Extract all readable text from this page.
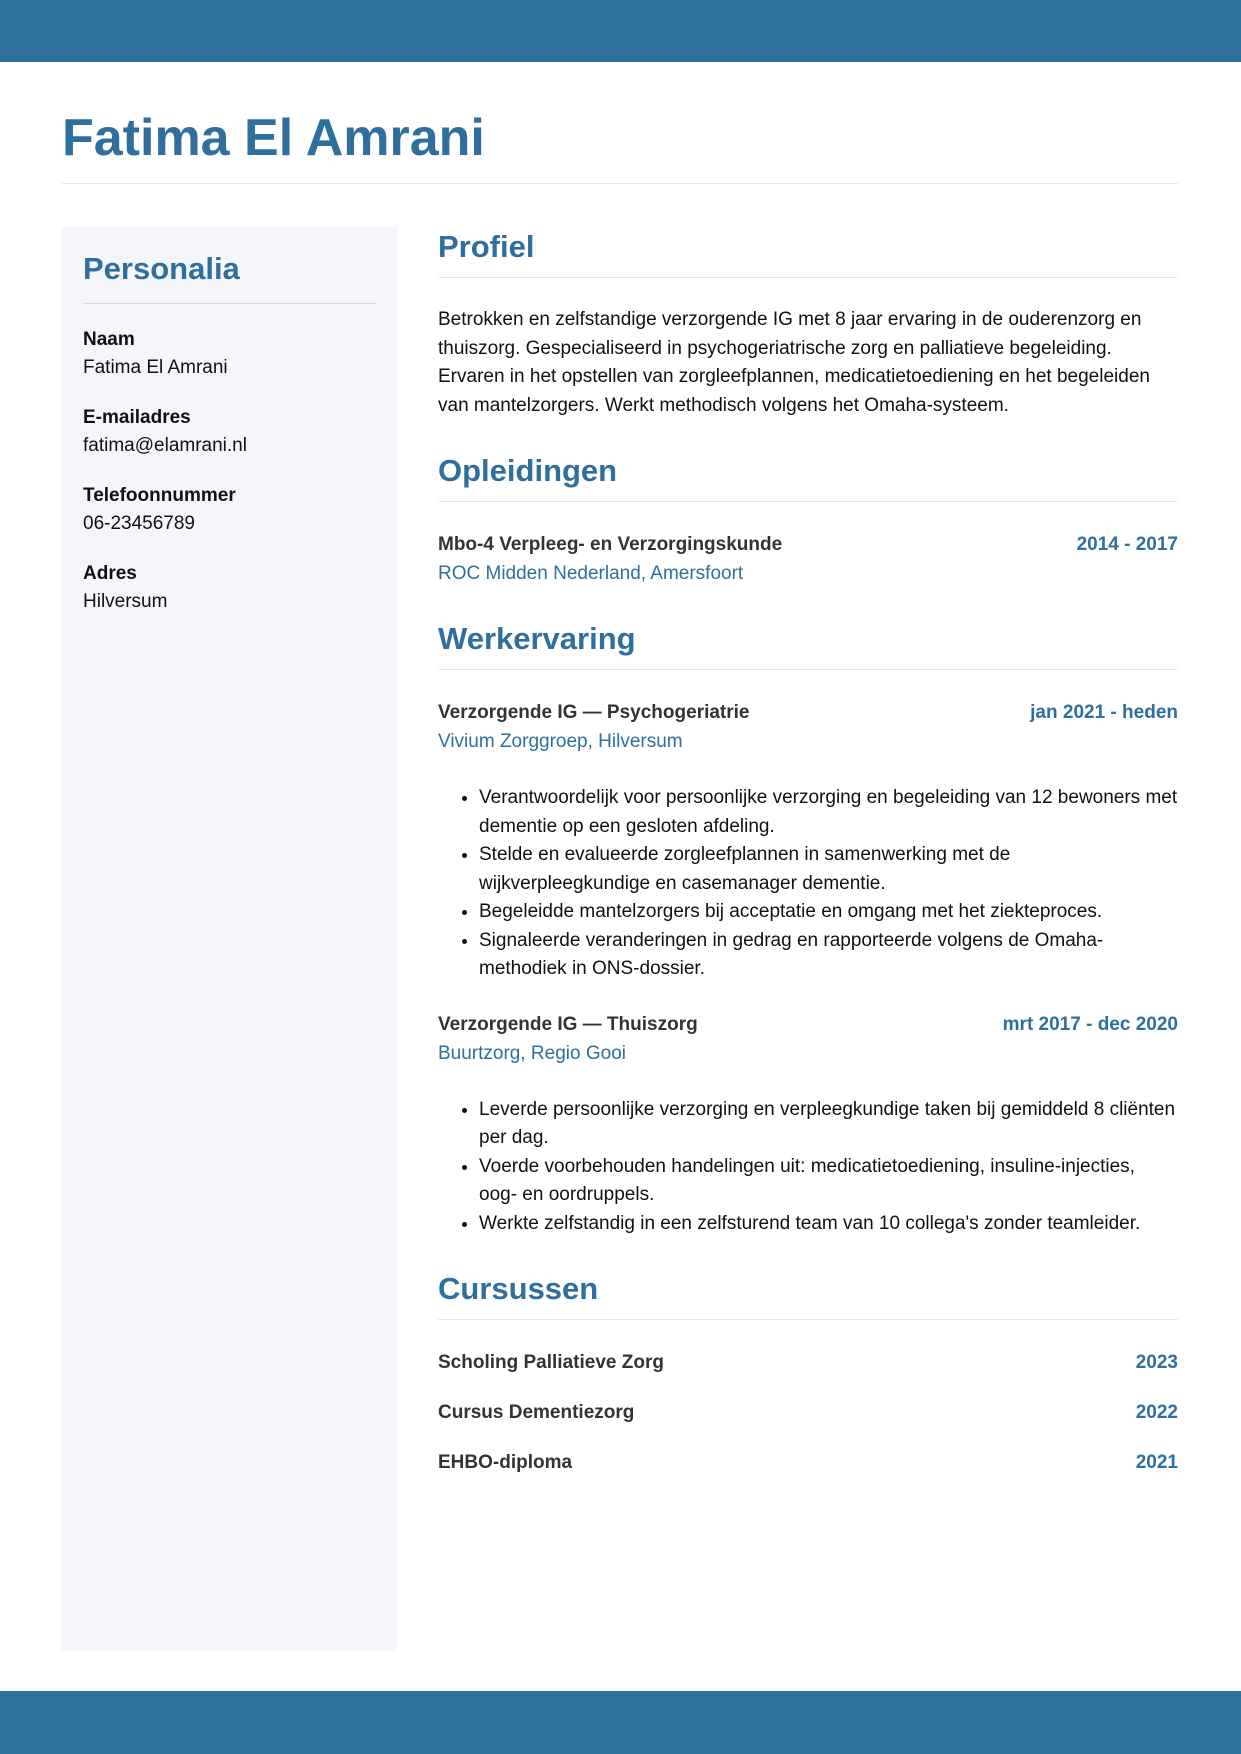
Fatima El Amrani
Personalia
Naam
Fatima El Amrani
E-mailadres
fatima@elamrani.nl
Telefoonnummer
06-23456789
Adres
Hilversum
Profiel

Betrokken en zelfstandige verzorgende IG met 8 jaar ervaring in de ouderenzorg en thuiszorg. Gespecialiseerd in psychogeriatrische zorg en palliatieve begeleiding. Ervaren in het opstellen van zorgleefplannen, medicatietoediening en het begeleiden van mantelzorgers. Werkt methodisch volgens het Omaha-systeem.

Opleidingen
Mbo-4 Verpleeg- en Verzorgingskunde	2014 - 2017
ROC Midden Nederland, Amersfoort
Werkervaring
Verzorgende IG — Psychogeriatrie	jan 2021 - heden
Vivium Zorggroep, Hilversum
• Verantwoordelijk voor persoonlijke verzorging en begeleiding van 12 bewoners met dementie op een gesloten afdeling.
• Stelde en evalueerde zorgleefplannen in samenwerking met de wijkverpleegkundige en casemanager dementie.
• Begeleidde mantelzorgers bij acceptatie en omgang met het ziekteproces.
• Signaleerde veranderingen in gedrag en rapporteerde volgens de Omaha-methodiek in ONS-dossier.
Verzorgende IG — Thuiszorg	mrt 2017 - dec 2020
Buurtzorg, Regio Gooi
• Leverde persoonlijke verzorging en verpleegkundige taken bij gemiddeld 8 cliënten per dag.
• Voerde voorbehouden handelingen uit: medicatietoediening, insuline-injecties, oog- en oordruppels.
• Werkte zelfstandig in een zelfsturend team van 10 collega's zonder teamleider.
Cursussen
Scholing Palliatieve Zorg	2023
Cursus Dementiezorg	2022
EHBO-diploma	2021
